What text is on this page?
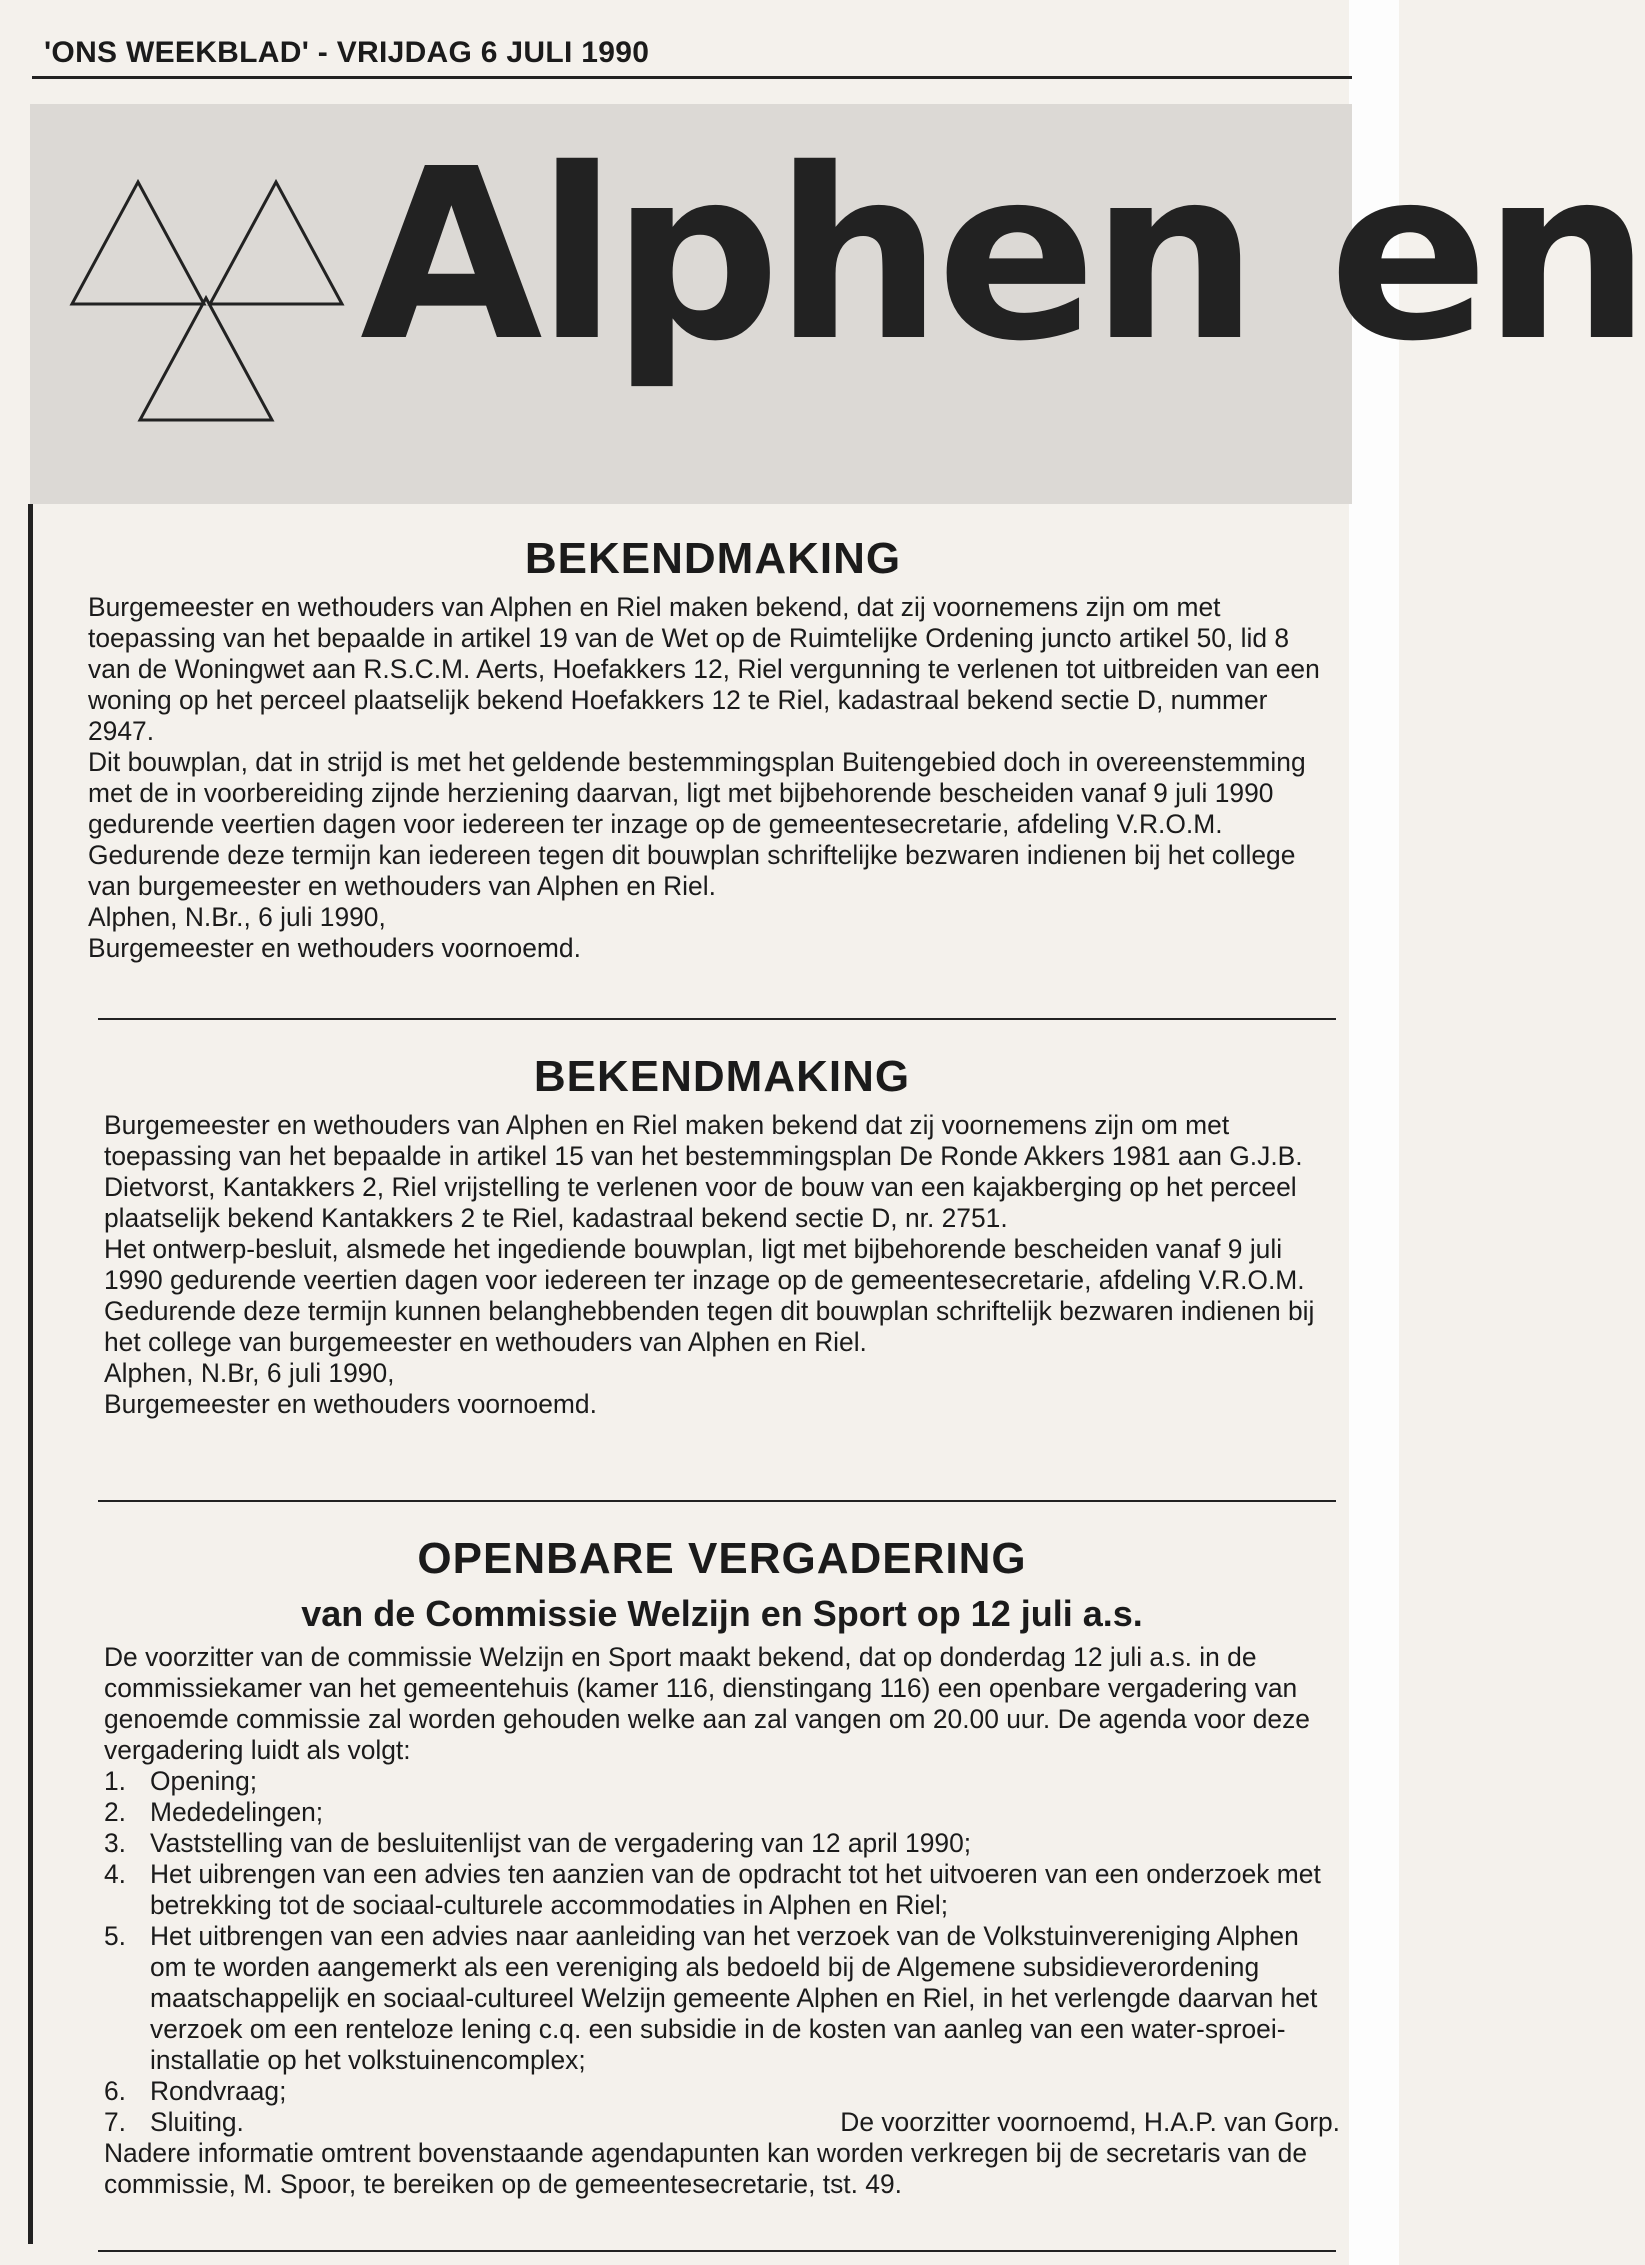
'ONS WEEKBLAD' - VRIJDAG 6 JULI 1990
Alphen en
BEKENDMAKING

Burgemeester en wethouders van Alphen en Riel maken bekend, dat zij voornemens zijn om met toepassing van het bepaalde in artikel 19 van de Wet op de Ruimtelijke Ordening juncto artikel 50, lid 8 van de Woningwet aan R.S.C.M. Aerts, Hoefakkers 12, Riel vergunning te verlenen tot uitbreiden van een woning op het perceel plaatselijk bekend Hoefakkers 12 te Riel, kadastraal bekend sectie D, nummer 2947.

Dit bouwplan, dat in strijd is met het geldende bestemmingsplan Buitengebied doch in overeenstemming met de in voorbereiding zijnde herziening daarvan, ligt met bijbehorende bescheiden vanaf 9 juli 1990 gedurende veertien dagen voor iedereen ter inzage op de gemeentesecretarie, afdeling V.R.O.M.

Gedurende deze termijn kan iedereen tegen dit bouwplan schriftelijke bezwaren indienen bij het college van burgemeester en wethouders van Alphen en Riel.

Alphen, N.Br., 6 juli 1990,

Burgemeester en wethouders voornoemd.

BEKENDMAKING

Burgemeester en wethouders van Alphen en Riel maken bekend dat zij voornemens zijn om met toepassing van het bepaalde in artikel 15 van het bestemmingsplan De Ronde Akkers 1981 aan G.J.B. Dietvorst, Kantakkers 2, Riel vrijstelling te verlenen voor de bouw van een kajakberging op het perceel plaatselijk bekend Kantakkers 2 te Riel, kadastraal bekend sectie D, nr. 2751.

Het ontwerp-besluit, alsmede het ingediende bouwplan, ligt met bijbehorende bescheiden vanaf 9 juli 1990 gedurende veertien dagen voor iedereen ter inzage op de gemeentesecretarie, afdeling V.R.O.M.

Gedurende deze termijn kunnen belanghebbenden tegen dit bouwplan schriftelijk bezwaren indienen bij het college van burgemeester en wethouders van Alphen en Riel.

Alphen, N.Br, 6 juli 1990,

Burgemeester en wethouders voornoemd.

OPENBARE VERGADERING
van de Commissie Welzijn en Sport op 12 juli a.s.

De voorzitter van de commissie Welzijn en Sport maakt bekend, dat op donderdag 12 juli a.s. in de commissiekamer van het gemeentehuis (kamer 116, dienstingang 116) een openbare vergadering van genoemde commissie zal worden gehouden welke aan zal vangen om 20.00 uur. De agenda voor deze vergadering luidt als volgt:

1. Opening;
2. Mededelingen;
3. Vaststelling van de besluitenlijst van de vergadering van 12 april 1990;
4. Het uibrengen van een advies ten aanzien van de opdracht tot het uitvoeren van een onderzoek met betrekking tot de sociaal-culturele accommodaties in Alphen en Riel;
5. Het uitbrengen van een advies naar aanleiding van het verzoek van de Volkstuinvereniging Alphen om te worden aangemerkt als een vereniging als bedoeld bij de Algemene subsidieverordening maatschappelijk en sociaal-cultureel Welzijn gemeente Alphen en Riel, in het verlengde daarvan het verzoek om een renteloze lening c.q. een subsidie in de kosten van aanleg van een water-sproei-installatie op het volkstuinencomplex;
6. Rondvraag;
7. Sluiting.	De voorzitter voornoemd, H.A.P. van Gorp.

Nadere informatie omtrent bovenstaande agendapunten kan worden verkregen bij de secretaris van de commissie, M. Spoor, te bereiken op de gemeentesecretarie, tst. 49.
